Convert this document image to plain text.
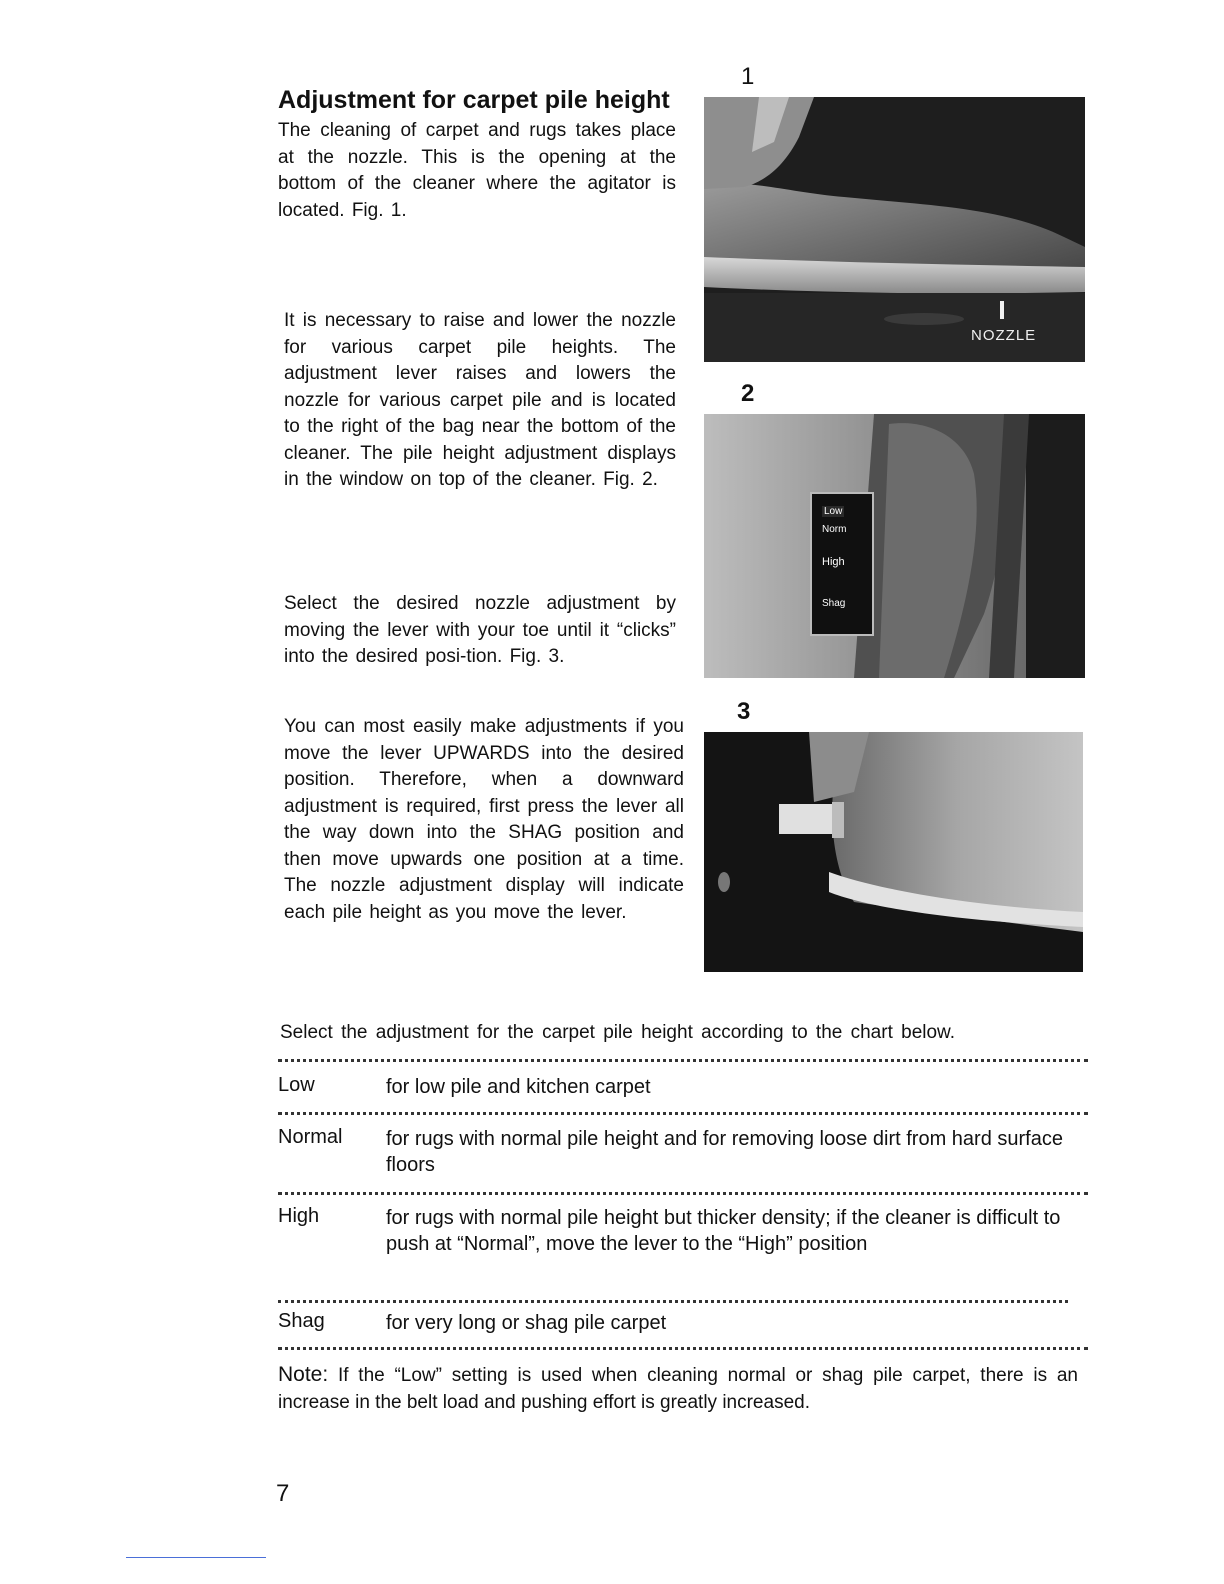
Adjustment for carpet pile height
The cleaning of carpet and rugs takes place at the nozzle. This is the opening at the bottom of the cleaner where the agitator is located. Fig. 1.
It is necessary to raise and lower the nozzle for various carpet pile heights. The adjustment lever raises and lowers the nozzle for various carpet pile and is located to the right of the bag near the bottom of the cleaner. The pile height adjustment displays in the window on top of the cleaner. Fig. 2.
Select the desired nozzle adjustment by moving the lever with your toe until it “clicks” into the desired posi-tion. Fig. 3.
You can most easily make adjustments if you move the lever UPWARDS into the desired position. Therefore, when a downward adjustment is required, first press the lever all the way down into the SHAG position and then move upwards one position at a time. The nozzle adjustment display will indicate each pile height as you move the lever.
1
NOZZLE
2
Low
Norm
High
Shag
3
Select the adjustment for the carpet pile height according to the chart below.
Low	for low pile and kitchen carpet
Normal for rugs with normal pile height and for removing loose dirt from hard surface floors
High	for rugs with normal pile height but thicker density; if the cleaner is difficult to push at “Normal”, move the lever to the “High” position
Shag	for very long or shag pile carpet
Note: If the “Low” setting is used when cleaning normal or shag pile carpet, there is an increase in the belt load and pushing effort is greatly increased.
7
